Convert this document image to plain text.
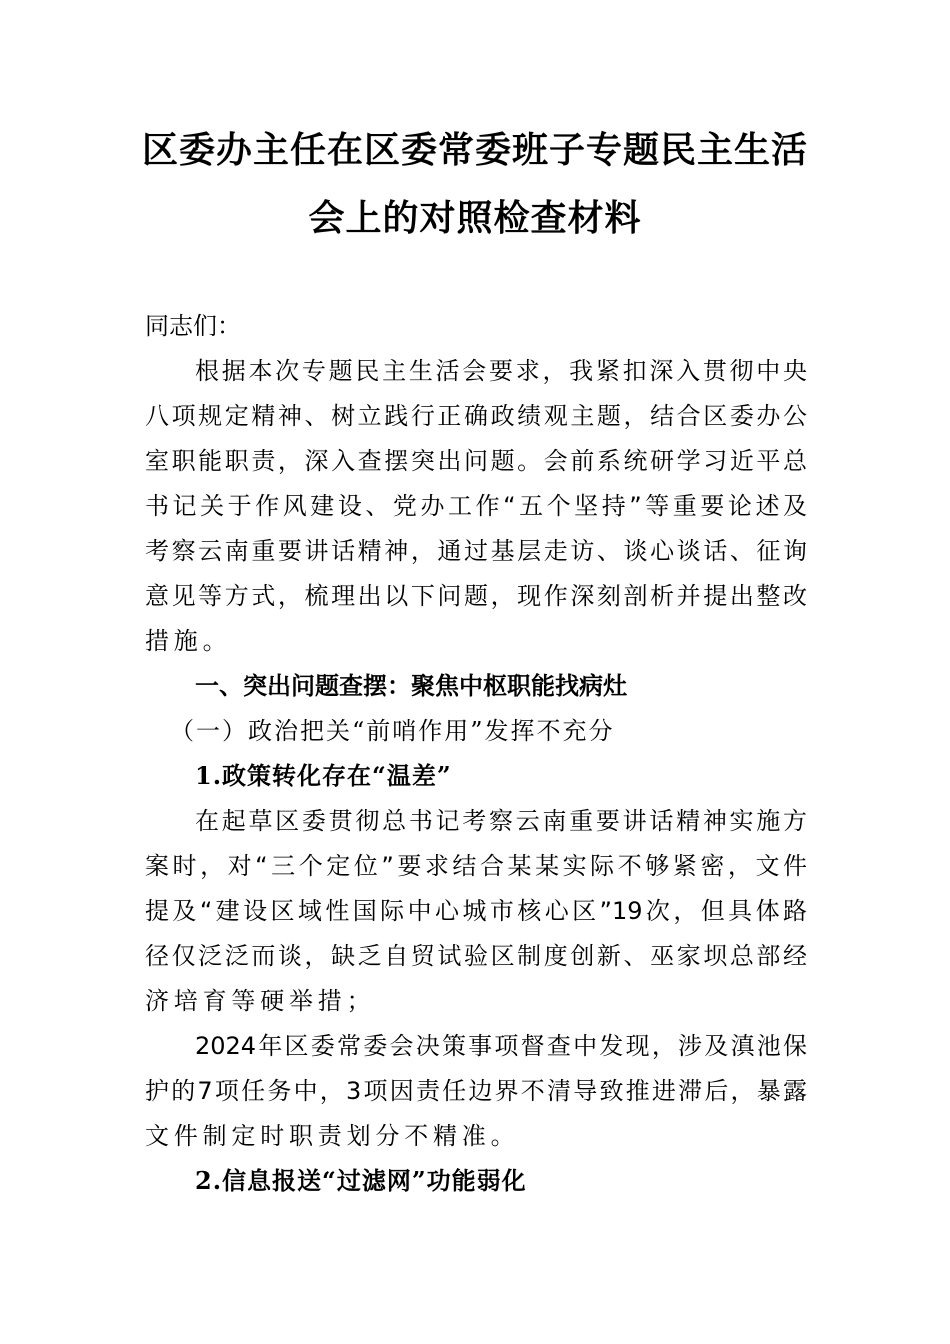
区委办主任在区委常委班子专题民主生活
会上的对照检查材料
同志们：
根据本次专题民主生活会要求，我紧扣深入贯彻中央
八项规定精神、树立践行正确政绩观主题，结合区委办公
室职能职责，深入查摆突出问题。会前系统研学习近平总
书记关于作风建设、党办工作“五个坚持”等重要论述及
考察云南重要讲话精神，通过基层走访、谈心谈话、征询
意见等方式，梳理出以下问题，现作深刻剖析并提出整改
措施。
一、突出问题查摆：聚焦中枢职能找病灶
（一）政治把关“前哨作用”发挥不充分
1.政策转化存在“温差”
在起草区委贯彻总书记考察云南重要讲话精神实施方
案时，对“三个定位”要求结合某某实际不够紧密，文件
提及“建设区域性国际中心城市核心区”19次，但具体路
径仅泛泛而谈，缺乏自贸试验区制度创新、巫家坝总部经
济培育等硬举措；
2024年区委常委会决策事项督查中发现，涉及滇池保
护的7项任务中，3项因责任边界不清导致推进滞后，暴露
文件制定时职责划分不精准。
2.信息报送“过滤网”功能弱化
